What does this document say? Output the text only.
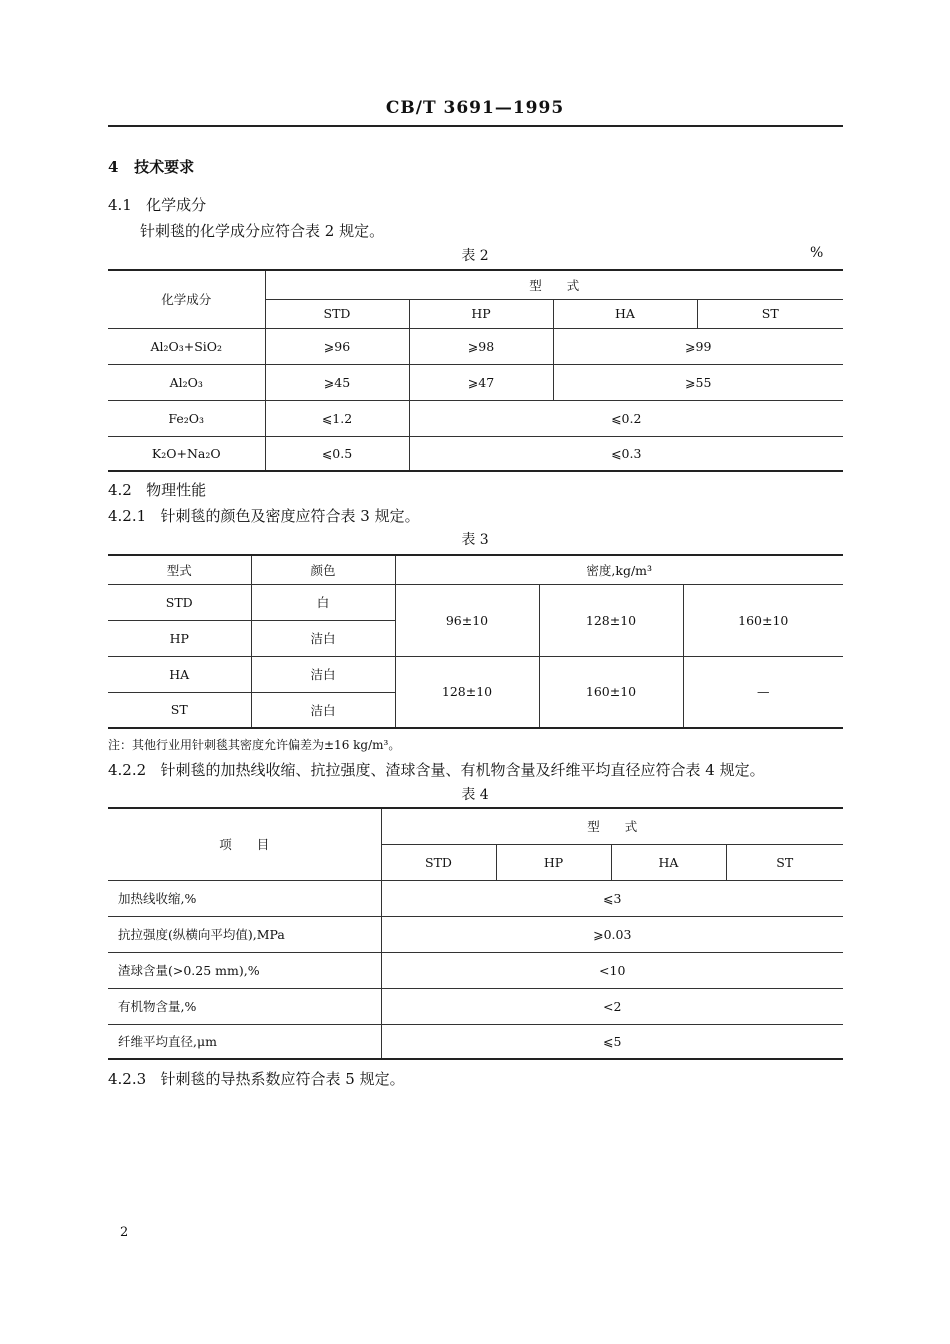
CB/T 3691—1995
4 技术要求
4.1 化学成分
针刺毯的化学成分应符合表 2 规定。
表 2	%
化学成分	型　　式			
	STD	HP	HA	ST
Al₂O₃+SiO₂	⩾96	⩾98	⩾99	
Al₂O₃	⩾45	⩾47	⩾55	
Fe₂O₃	⩽1.2	⩽0.2		
K₂O+Na₂O	⩽0.5	⩽0.3		
4.2 物理性能
4.2.1 针刺毯的颜色及密度应符合表 3 规定。
表 3
型式	颜色	密度,kg/m³		
STD	白	96±10	128±10	160±10
HP	洁白			
HA	洁白	128±10	160±10	—
ST	洁白			
注：其他行业用针刺毯其密度允许偏差为±16 kg/m³。
4.2.2 针刺毯的加热线收缩、抗拉强度、渣球含量、有机物含量及纤维平均直径应符合表 4 规定。
表 4
项　　目	型　　式			
	STD	HP	HA	ST
加热线收缩,%	⩽3			
抗拉强度(纵横向平均值),MPa	⩾0.03			
渣球含量(>0.25 mm),%	<10			
有机物含量,%	<2			
纤维平均直径,μm	⩽5			
4.2.3 针刺毯的导热系数应符合表 5 规定。
2
